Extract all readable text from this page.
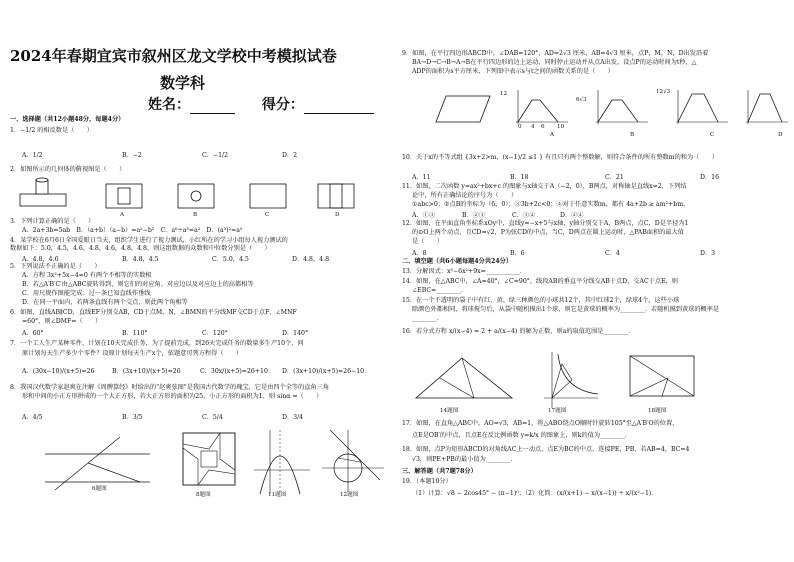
2024年春期宜宾市叙州区龙文学校中考模拟试卷
数学科
姓名：	得分：
一、选择题（共12小题48分，每题4分）
1．−1/2 的相反数是（　　）
A．1/2	B．−2	C．−1/2	D．2
2．如图所示的几何体的俯视图是（　　）
A	B	C	D
3．下列计算正确的是（　　）
A．2a+3b=5ab　B．（a+b）（a−b）=a²−b²　C．a⁶÷a³=a²　D．(a³)²=a⁵
4．某学校在6月6日全国爱眼日当天，组织学生进行了视力测试，小红所在的学习小组每人视力测试的
数据如下：5.0，4.5，4.6，4.8，4.6，4.8，4.8，则这组数据的众数和中位数分别是（　　）
A．4.8，4.6	B．4.8，4.5	C．5.0，4.5	D．4.8，4.8
5．下列说法不正确的是（　　）
A．方程 3x²+5x−4=0 有两个不相等的实数根
B．若△A′B′C′由△ABC旋转得到，则它们的对应角、对应边以及对应边上的高都相等
C．用尺规作图能完成：过一条已知直线作垂线
D．在同一平面内，若两条直线有两个交点，则此两个角相等
6．如图，直线AB∥CD，直线EF分别交AB，CD于点M，N，∠BMN的平分线MF交CD于点F，∠MNF
=60°，则∠DMF=（　　）
A．60°	B．110°	C．120°	D．140°
7．一个工人生产某种零件，计划在10天完成任务，为了提前完成，到26天完成任务的数量多生产10个，问
原计划每天生产多少个零件？设原计划每天生产x个，依题意可列方程得（　　）
A．(30x−10)/(x+5)=26	B．(3x+10)/(x+5)=26	C．30x/(x+5)=26+10 D．(3x+10)/(x+5)=26−10
8．我国汉代数学家赵爽在注解《周髀算经》时给出的"赵爽弦图"是我国古代数学的瑰宝，它是由四个全等的直角三角
形和中间的小正方形拼成的一个大正方形，若大正方形的面积为25，小正方形的面积为1，则 sinα =（　　）
A．4/5	B．3/5	C．5/4	D．3/4
6题图
8题图	11题图	12题图
9．如图，在平行四边形ABCD中，∠DAB=120°，AD=2√3 厘米，AB=4√3 厘米，点P，M，N，D出发沿着
BA→D→C→B→A→B在平行四边形的边上运动，同时停止运动并从点A出发，设点P的运动时间为t秒，△
ADP的面积为s平方厘米，下列图中表示s与t之间的函数关系的是（　　）
12
6√3
12√3
0 4 6 10
A	B	C	D
10．关于x的不等式组 {3x+2>m，(x−1)/2 ≤1 } 有且只有两个整数解，则符合条件的所有整数m的和为（　　）
A．11	B．18	C．21	D．16
11．如图，二次函数 y=ax²+bx+c 的图象与x轴交于A（−2，0），B两点，对称轴是直线x=2，下列结
论中，所有正确结论的序号为（　　）
①abc>0；②点B的坐标为（6，0）；③3b+2c<0；④对于任意实数m，都有 4a+2b ≥ am²+bm，
A．①③	B．②③	C．③④	D．②④
12．如图，在平面直角坐标系xOy中，直线y=−x+5与x轴，y轴分别交于A，B两点，点C，D是半径为1
的⊙O上两个动点，且CD=√2，P为弦CD的中点，当C，D两点在圆上运动时，△PAB面积的最大值
是（　　）
A．8	B．6	C．4	D．3
二、填空题（共6小题每题4分共24分）
13．分解因式：x³−6x²+9x=___________．
14．如图，在△ABC中，∠A=40°，∠C=90°，线段AB的垂直平分线交AB于点D，交AC于点E，则
∠EBC=________．
15．在一个不透明的袋子中有红、黄、绿三种颜色的小球共12个，其中红球2个，绿球4个，这些小球
除颜色外都相同，将球搅匀后，从袋中随机摸出1个球，则它是黄球的概率为________．若随机摸到黄球的概率是
________．
16．若分式方程 x/(x−4) = 2 + a/(x−4) 的解为正数，则a的取值范围是________．
14题图	17题图	18题图
17．如图，在直角△ABC中，AO=√3，AB=1，将△ABO绕点O顺时针旋转105°至△A′B′O的位置，
点E是OB′的中点，且点E在反比例函数 y=k/x 的图象上，则k的值为________．
18．如图，点P为矩形ABCD的对角线AC上一动点，点E为BC的中点，连接PE，PB，若AB=4，BC=4
√3，则PE+PB的最小值为________．
三、解答题（共7题78分）
19．（本题10分）
（1）计算：√8 − 2cos45° − (π−1)⁰；（2）化简：(x/(x+1) − x/(x−1)) ÷ x/(x²−1)．
